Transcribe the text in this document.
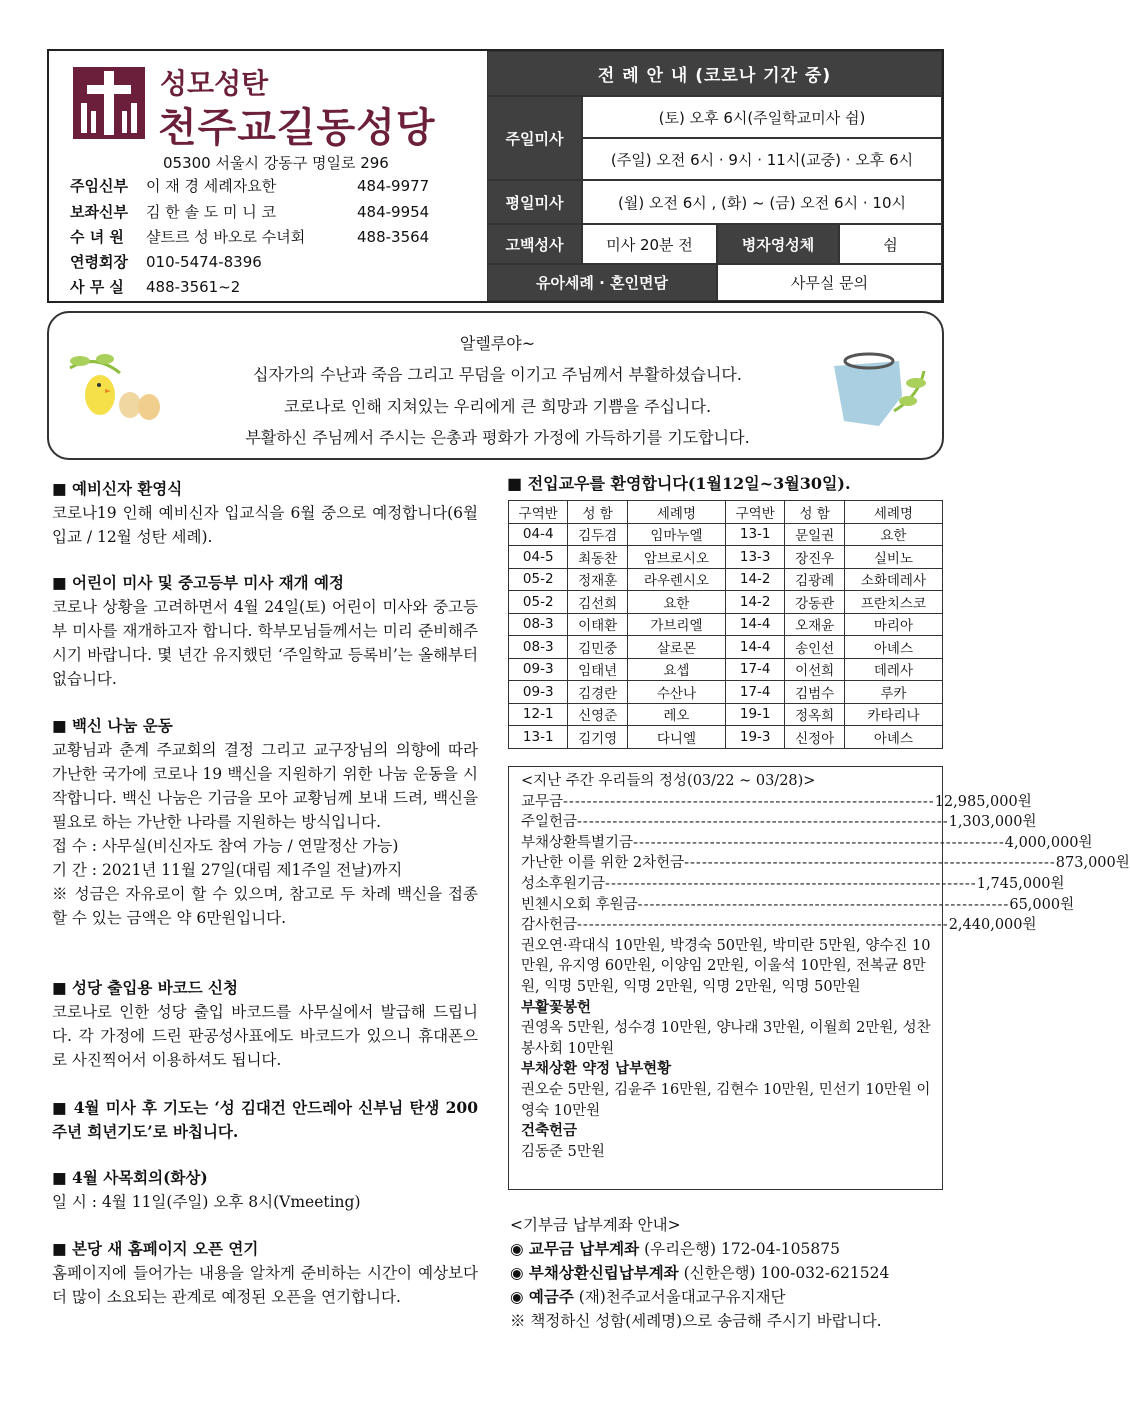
성모성탄
천주교길동성당
05300 서울시 강동구 명일로 296
주임신부 이 재 경 세례자요한	484-9977
보좌신부 김 한 솔 도 미 니 코	484-9954
수 녀 원 샬트르 성 바오로 수녀회	488-3564
연령회장 010-5474-8396
사 무 실 488-3561~2
전 례 안 내 (코로나 기간 중)
주일미사
(토) 오후 6시(주일학교미사 쉼)
(주일) 오전 6시 · 9시 · 11시(교중) · 오후 6시
평일미사	(월) 오전 6시 , (화) ~ (금) 오전 6시 · 10시
고백성사	미사 20분 전	병자영성체	쉼
유아세례 · 혼인면담	사무실 문의
알렐루야~
십자가의 수난과 죽음 그리고 무덤을 이기고 주님께서 부활하셨습니다.
코로나로 인해 지쳐있는 우리에게 큰 희망과 기쁨을 주십니다.
부활하신 주님께서 주시는 은총과 평화가 가정에 가득하기를 기도합니다.
■ 예비신자 환영식
코로나19 인해 예비신자 입교식을 6월 중으로 예정합니다(6월 입교 / 12월 성탄 세례).
■ 어린이 미사 및 중고등부 미사 재개 예정
코로나 상황을 고려하면서 4월 24일(토) 어린이 미사와 중고등부 미사를 재개하고자 합니다. 학부모님들께서는 미리 준비해주시기 바랍니다. 몇 년간 유지했던 ‘주일학교 등록비’는 올해부터 없습니다.
■ 백신 나눔 운동
교황님과 춘계 주교회의 결정 그리고 교구장님의 의향에 따라 가난한 국가에 코로나 19 백신을 지원하기 위한 나눔 운동을 시작합니다. 백신 나눔은 기금을 모아 교황님께 보내 드려, 백신을 필요로 하는 가난한 나라를 지원하는 방식입니다.
접 수 : 사무실(비신자도 참여 가능 / 연말정산 가능)
기 간 : 2021년 11월 27일(대림 제1주일 전날)까지
※ 성금은 자유로이 할 수 있으며, 참고로 두 차례 백신을 접종할 수 있는 금액은 약 6만원입니다.
■ 성당 출입용 바코드 신청
코로나로 인한 성당 출입 바코드를 사무실에서 발급해 드립니다. 각 가정에 드린 판공성사표에도 바코드가 있으니 휴대폰으로 사진찍어서 이용하셔도 됩니다.
■ 4월 미사 후 기도는 ‘성 김대건 안드레아 신부님 탄생 200주년 희년기도’로 바칩니다.
■ 4월 사목회의(화상)
일 시 : 4월 11일(주일) 오후 8시(Vmeeting)
■ 본당 새 홈페이지 오픈 연기
홈페이지에 들어가는 내용을 알차게 준비하는 시간이 예상보다 더 많이 소요되는 관계로 예정된 오픈을 연기합니다.
■ 전입교우를 환영합니다(1월12일~3월30일).
구역반	성 함	세례명	구역반	성 함	세례명
04-4	김두겸	임마누엘	13-1	문일권	요한
04-5	최동찬	암브로시오	13-3	장진우	실비노
05-2	정재훈	라우렌시오	14-2	김광례	소화데레사
05-2	김선희	요한	14-2	강동관	프란치스코
08-3	이태환	가브리엘	14-4	오재윤	마리아
08-3	김민중	살로몬	14-4	송인선	아녜스
09-3	임태년	요셉	17-4	이선희	데레사
09-3	김경란	수산나	17-4	김범수	루카
12-1	신영준	레오	19-1	정옥희	카타리나
13-1	김기영	다니엘	19-3	신정아	아녜스
<지난 주간 우리들의 정성(03/22 ~ 03/28)>
교무금 --------------------------------------------------------------- 12,985,000원
주일헌금 --------------------------------------------------------------- 1,303,000원
부채상환특별기금 --------------------------------------------------------------- 4,000,000원
가난한 이를 위한 2차헌금 --------------------------------------------------------------- 873,000원
성소후원기금 --------------------------------------------------------------- 1,745,000원
빈첸시오회 후원금 --------------------------------------------------------------- 65,000원
감사헌금 --------------------------------------------------------------- 2,440,000원
권오연·곽대식 10만원, 박경숙 50만원, 박미란 5만원, 양수진 10만원, 유지영 60만원, 이양임 2만원, 이울석 10만원, 전복균 8만원, 익명 5만원, 익명 2만원, 익명 2만원, 익명 50만원
부활꽃봉헌
권영옥 5만원, 성수경 10만원, 양나래 3만원, 이월희 2만원, 성찬봉사회 10만원
부채상환 약정 납부현황
권오순 5만원, 김윤주 16만원, 김현수 10만원, 민선기 10만원 이영숙 10만원
건축헌금
김동준 5만원
<기부금 납부계좌 안내>
◉ 교무금 납부계좌 (우리은행) 172-04-105875
◉ 부채상환신립납부계좌 (신한은행) 100-032-621524
◉ 예금주 (재)천주교서울대교구유지재단
※ 책정하신 성함(세례명)으로 송금해 주시기 바랍니다.
